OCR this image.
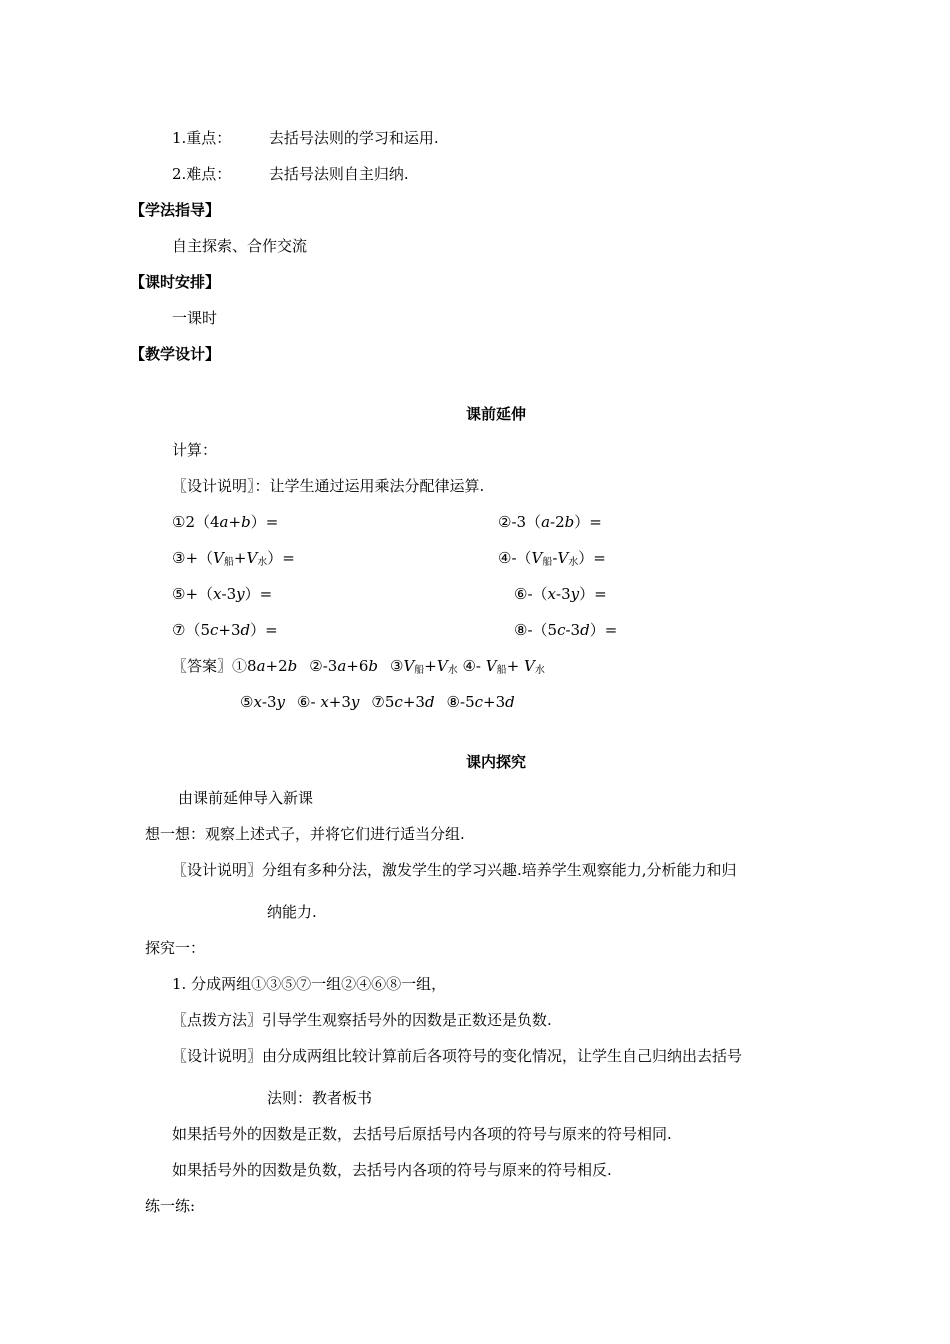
1.重点：	去括号法则的学习和运用.
2.难点：	去括号法则自主归纳.
【学法指导】
自主探索、合作交流
【课时安排】
一课时
【教学设计】
课前延伸
计算：
〖设计说明〗：让学生通过运用乘法分配律运算.
①2（4a+b）=	②-3（a-2b）=
$③+(V_船+V_水)=$	$④-(V_船-V_水)=$
⑤+（x-3y）=	⑥-（x-3y）=
⑦（5c+3d）=	⑧-（5c-3d）=
〖答案〗①8a+2b ②-3a+6b $③V_船+V_水$ ④- $V_船+ V_水$
⑤x-3y ⑥- x+3y ⑦5c+3d ⑧-5c+3d
课内探究
由课前延伸导入新课
想一想：观察上述式子，并将它们进行适当分组.
〖设计说明〗分组有多种分法，激发学生的学习兴趣.培养学生观察能力,分析能力和归
纳能力.
探究一：
1. 分成两组①③⑤⑦一组②④⑥⑧一组，
〖点拨方法〗引导学生观察括号外的因数是正数还是负数.
〖设计说明〗由分成两组比较计算前后各项符号的变化情况，让学生自己归纳出去括号
法则：教者板书
如果括号外的因数是正数，去括号后原括号内各项的符号与原来的符号相同.
如果括号外的因数是负数，去括号内各项的符号与原来的符号相反.
练一练:
